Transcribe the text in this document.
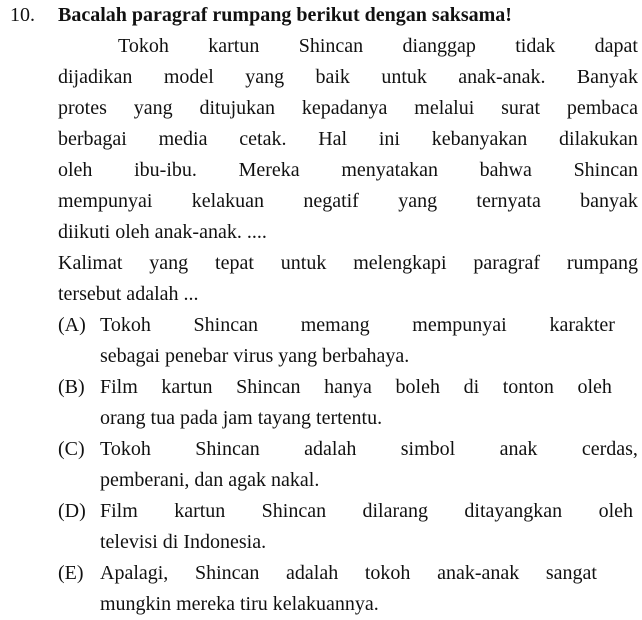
10. Bacalah paragraf rumpang berikut dengan saksama!
Tokoh kartun Shincan dianggap tidak dapat
dijadikan model yang baik untuk anak-anak. Banyak
protes yang ditujukan kepadanya melalui surat pembaca
berbagai media cetak. Hal ini kebanyakan dilakukan
oleh ibu-ibu. Mereka menyatakan bahwa Shincan
mempunyai kelakuan negatif yang ternyata banyak
diikuti oleh anak-anak. ....
Kalimat yang tepat untuk melengkapi paragraf rumpang
tersebut adalah ...
(A) Tokoh Shincan memang mempunyai karakter
sebagai penebar virus yang berbahaya.
(B) Film kartun Shincan hanya boleh di tonton oleh
orang tua pada jam tayang tertentu.
(C) Tokoh Shincan adalah simbol anak cerdas,
pemberani, dan agak nakal.
(D) Film kartun Shincan dilarang ditayangkan oleh
televisi di Indonesia.
(E) Apalagi, Shincan adalah tokoh anak-anak sangat
mungkin mereka tiru kelakuannya.
